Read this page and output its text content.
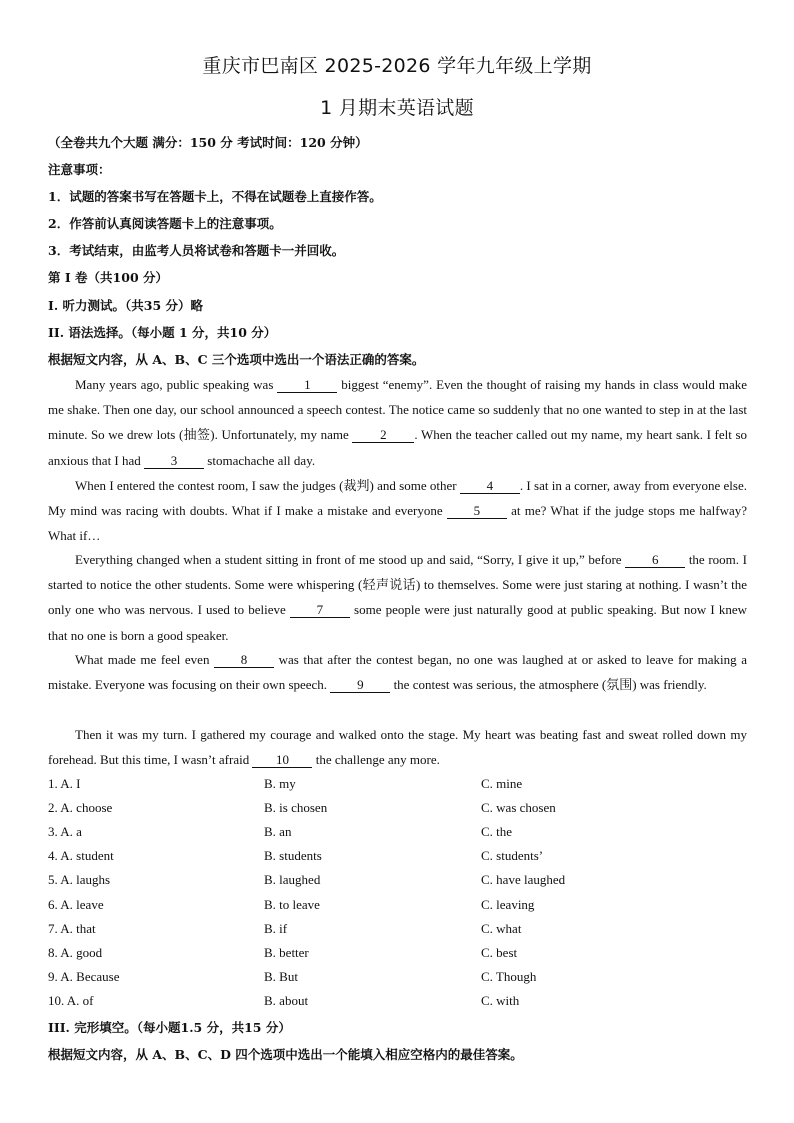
重庆市巴南区 2025-2026 学年九年级上学期
1 月期末英语试题
（全卷共九个大题 满分：150 分 考试时间：120 分钟）
注意事项：
1．试题的答案书写在答题卡上，不得在试题卷上直接作答。
2．作答前认真阅读答题卡上的注意事项。
3．考试结束，由监考人员将试卷和答题卡一并回收。
第 I 卷（共100 分）
I. 听力测试。（共35 分）略
II. 语法选择。（每小题 1 分，共10 分）
根据短文内容，从 A、B、C 三个选项中选出一个语法正确的答案。
Many years ago, public speaking was 1 biggest “enemy”. Even the thought of raising my hands in class would make me shake. Then one day, our school announced a speech contest. The notice came so suddenly that no one wanted to step in at the last minute. So we drew lots (抽签). Unfortunately, my name 2 . When the teacher called out my name, my heart sank. I felt so anxious that I had 3 stomachache all day.
When I entered the contest room, I saw the judges (裁判) and some other 4 . I sat in a corner, away from everyone else. My mind was racing with doubts. What if I make a mistake and everyone 5 at me? What if the judge stops me halfway? What if…
Everything changed when a student sitting in front of me stood up and said, “Sorry, I give it up,” before 6 the room. I started to notice the other students. Some were whispering (轻声说话) to themselves. Some were just staring at nothing. I wasn’t the only one who was nervous. I used to believe 7 some people were just naturally good at public speaking. But now I knew that no one is born a good speaker.
What made me feel even 8 was that after the contest began, no one was laughed at or asked to leave for making a mistake. Everyone was focusing on their own speech. 9 the contest was serious, the atmosphere (氛围) was friendly.
Then it was my turn. I gathered my courage and walked onto the stage. My heart was beating fast and sweat rolled down my forehead. But this time, I wasn’t afraid 10 the challenge any more.
1. A. I	B. my	C. mine
2. A. choose	B. is chosen	C. was chosen
3. A. a	B. an	C. the
4. A. student	B. students	C. students’
5. A. laughs	B. laughed	C. have laughed
6. A. leave	B. to leave	C. leaving
7. A. that	B. if	C. what
8. A. good	B. better	C. best
9. A. Because	B. But	C. Though
10. A. of	B. about	C. with
III. 完形填空。（每小题1.5 分，共15 分）
根据短文内容，从 A、B、C、D 四个选项中选出一个能填入相应空格内的最佳答案。
